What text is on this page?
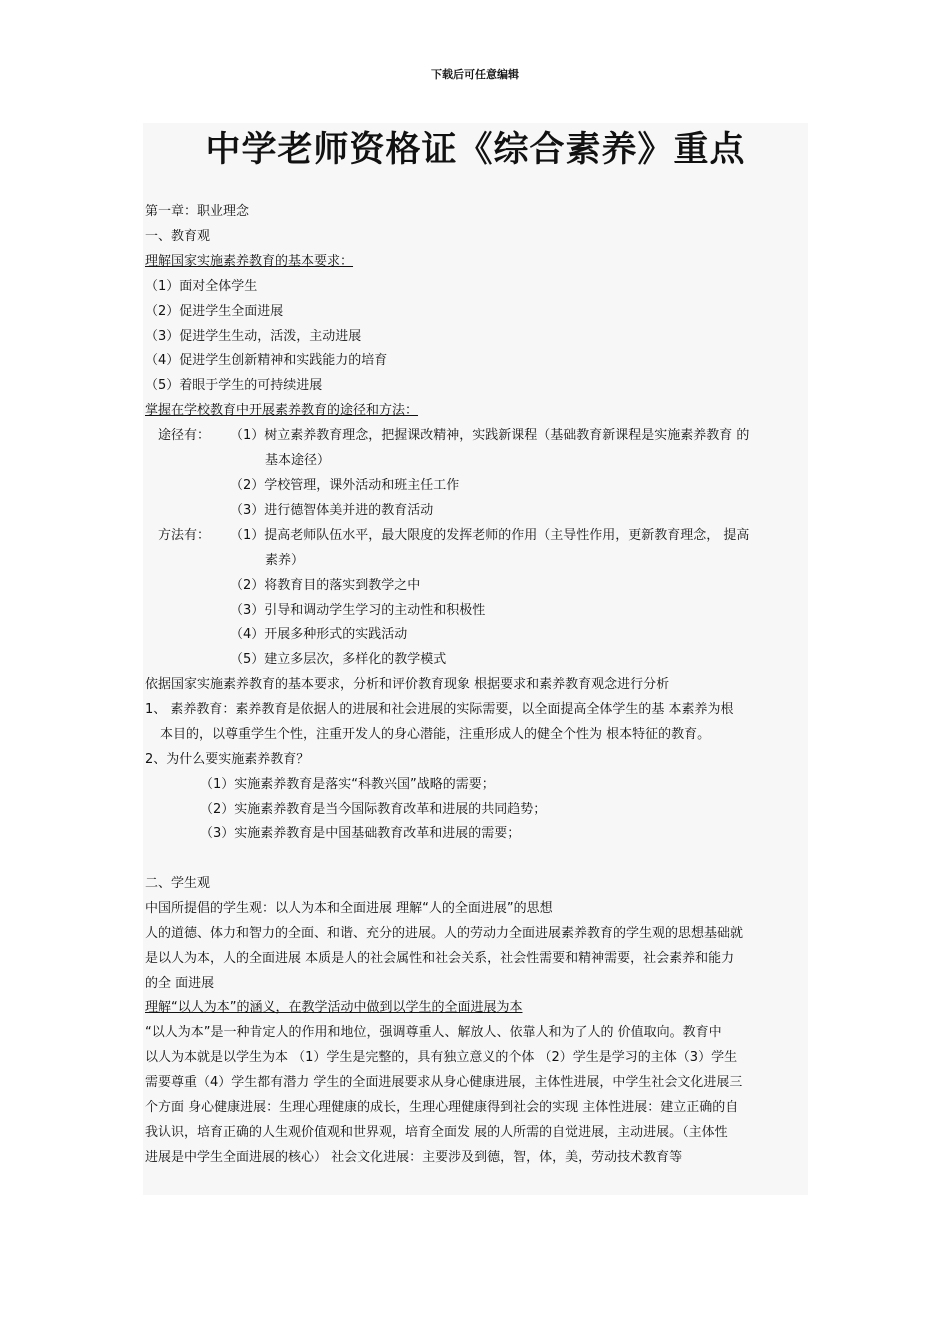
下载后可任意编辑
中学老师资格证《综合素养》重点
第一章：职业理念
一、教育观
理解国家实施素养教育的基本要求：
（1）面对全体学生
（2）促进学生全面进展
（3）促进学生生动，活泼，主动进展
（4）促进学生创新精神和实践能力的培育
（5）着眼于学生的可持续进展
掌握在学校教育中开展素养教育的途径和方法：
途径有： （1）树立素养教育理念，把握课改精神，实践新课程（基础教育新课程是实施素养教育 的
基本途径）
（2）学校管理，课外活动和班主任工作
（3）进行德智体美并进的教育活动
方法有： （1）提高老师队伍水平，最大限度的发挥老师的作用（主导性作用，更新教育理念， 提高
素养）
（2）将教育目的落实到教学之中
（3）引导和调动学生学习的主动性和积极性
（4）开展多种形式的实践活动
（5）建立多层次，多样化的教学模式
依据国家实施素养教育的基本要求，分析和评价教育现象 根据要求和素养教育观念进行分析
1、 素养教育：素养教育是依据人的进展和社会进展的实际需要，以全面提高全体学生的基 本素养为根
本目的，以尊重学生个性，注重开发人的身心潜能，注重形成人的健全个性为 根本特征的教育。
2、为什么要实施素养教育？
（1）实施素养教育是落实“科教兴国”战略的需要；
（2）实施素养教育是当今国际教育改革和进展的共同趋势；
（3）实施素养教育是中国基础教育改革和进展的需要；
二、学生观
中国所提倡的学生观：以人为本和全面进展 理解“人的全面进展”的思想
人的道德、体力和智力的全面、和谐、充分的进展。人的劳动力全面进展素养教育的学生观的思想基础就
是以人为本，人的全面进展 本质是人的社会属性和社会关系，社会性需要和精神需要，社会素养和能力
的全 面进展
理解“以人为本”的涵义，在教学活动中做到以学生的全面进展为本
“以人为本”是一种肯定人的作用和地位，强调尊重人、解放人、依靠人和为了人的 价值取向。教育中
以人为本就是以学生为本 （1）学生是完整的，具有独立意义的个体 （2）学生是学习的主体（3）学生
需要尊重（4）学生都有潜力 学生的全面进展要求从身心健康进展，主体性进展，中学生社会文化进展三
个方面 身心健康进展：生理心理健康的成长，生理心理健康得到社会的实现 主体性进展：建立正确的自
我认识，培育正确的人生观价值观和世界观，培育全面发 展的人所需的自觉进展，主动进展。（主体性
进展是中学生全面进展的核心） 社会文化进展：主要涉及到德，智，体，美，劳动技术教育等
